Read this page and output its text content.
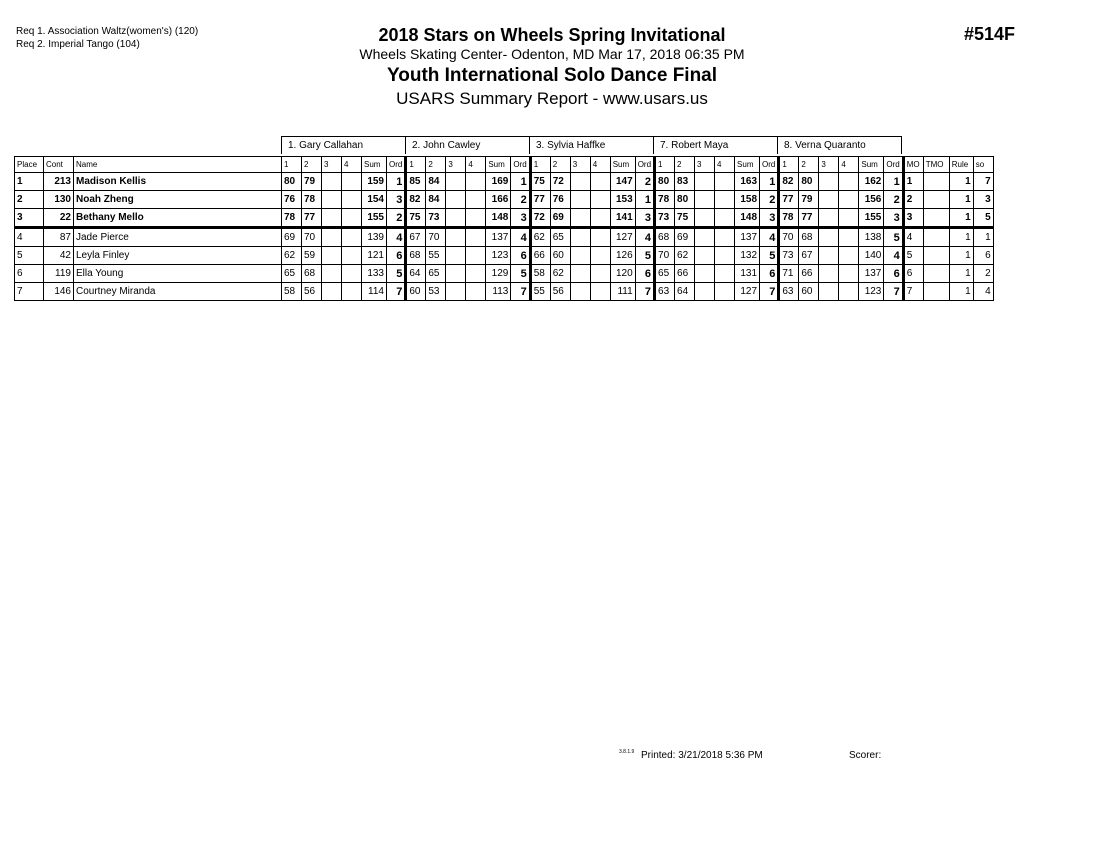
Req 1. Association Waltz(women's) (120)
Req 2. Imperial Tango (104)	2018 Stars on Wheels Spring Invitational
Wheels Skating Center- Odenton, MD Mar 17, 2018 06:35 PM
Youth International Solo Dance Final
USARS Summary Report - www.usars.us
#514F
1. Gary Callahan	2. John Cawley	3. Sylvia Haffke	7. Robert Maya	8. Verna Quaranto
Place	Cont	Name	1	2	3	4	Sum	Ord	1	2	3	4	Sum	Ord	1	2	3	4	Sum	Ord	1	2	3	4	Sum	Ord	1	2	3	4	Sum	Ord	MO	TMO	Rule	so
1	213	Madison Kellis	80	79			159	1	85	84			169	1	75	72			147	2	80	83			163	1	82	80			162	1	1		1	7
2	130	Noah Zheng	76	78			154	3	82	84			166	2	77	76			153	1	78	80			158	2	77	79			156	2	2		1	3
3	22	Bethany Mello	78	77			155	2	75	73			148	3	72	69			141	3	73	75			148	3	78	77			155	3	3		1	5
4	87	Jade Pierce	69	70			139	4	67	70			137	4	62	65			127	4	68	69			137	4	70	68			138	5	4		1	1
5	42	Leyla Finley	62	59			121	6	68	55			123	6	66	60			126	5	70	62			132	5	73	67			140	4	5		1	6
6	119	Ella Young	65	68			133	5	64	65			129	5	58	62			120	6	65	66			131	6	71	66			137	6	6		1	2
7	146	Courtney Miranda	58	56			114	7	60	53			113	7	55	56			111	7	63	64			127	7	63	60			123	7	7		1	4
3.8.1.9 Printed: 3/21/2018 5:36 PM	Scorer:
